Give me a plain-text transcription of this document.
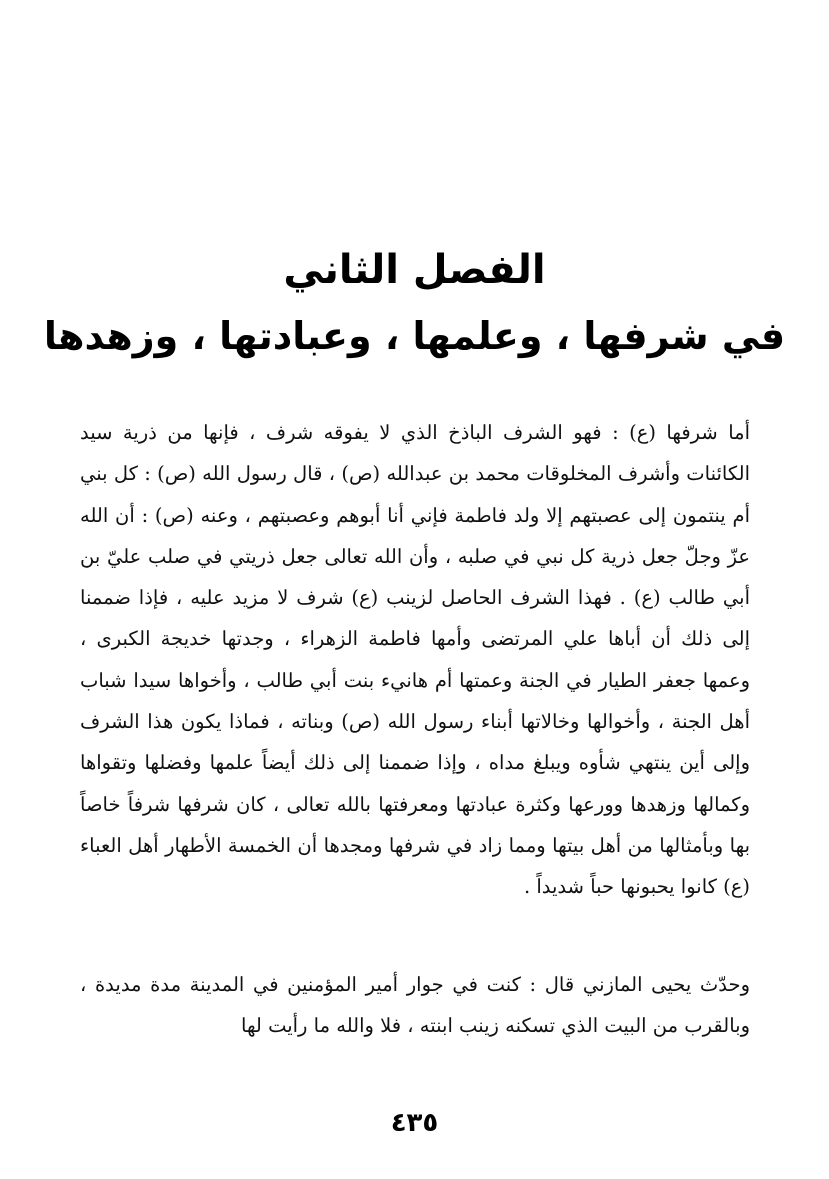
الفصل الثاني
في شرفها ، وعلمها ، وعبادتها ، وزهدها

أما شرفها (ع) : فهو الشرف الباذخ الذي لا يفوقه شرف ، فإنها من ذرية سيد الكائنات وأشرف المخلوقات محمد بن عبدالله (ص) ، قال رسول الله (ص) : كل بني أم ينتمون إلى عصبتهم إلا ولد فاطمة فإني أنا أبوهم وعصبتهم ، وعنه (ص) : أن الله عزّ وجلّ جعل ذرية كل نبي في صلبه ، وأن الله تعالى جعل ذريتي في صلب عليّ بن أبي طالب (ع) . فهذا الشرف الحاصل لزينب (ع) شرف لا مزيد عليه ، فإذا ضممنا إلى ذلك أن أباها علي المرتضى وأمها فاطمة الزهراء ، وجدتها خديجة الكبرى ، وعمها جعفر الطيار في الجنة وعمتها أم هانيء بنت أبي طالب ، وأخواها سيدا شباب أهل الجنة ، وأخوالها وخالاتها أبناء رسول الله (ص) وبناته ، فماذا يكون هذا الشرف وإلى أين ينتهي شأوه ويبلغ مداه ، وإذا ضممنا إلى ذلك أيضاً علمها وفضلها وتقواها وكمالها وزهدها وورعها وكثرة عبادتها ومعرفتها بالله تعالى ، كان شرفها شرفاً خاصاً بها وبأمثالها من أهل بيتها ومما زاد في شرفها ومجدها أن الخمسة الأطهار أهل العباء (ع) كانوا يحبونها حباً شديداً .

وحدّث يحيى المازني قال : كنت في جوار أمير المؤمنين في المدينة مدة مديدة ، وبالقرب من البيت الذي تسكنه زينب ابنته ، فلا والله ما رأيت لها

٤٣٥
